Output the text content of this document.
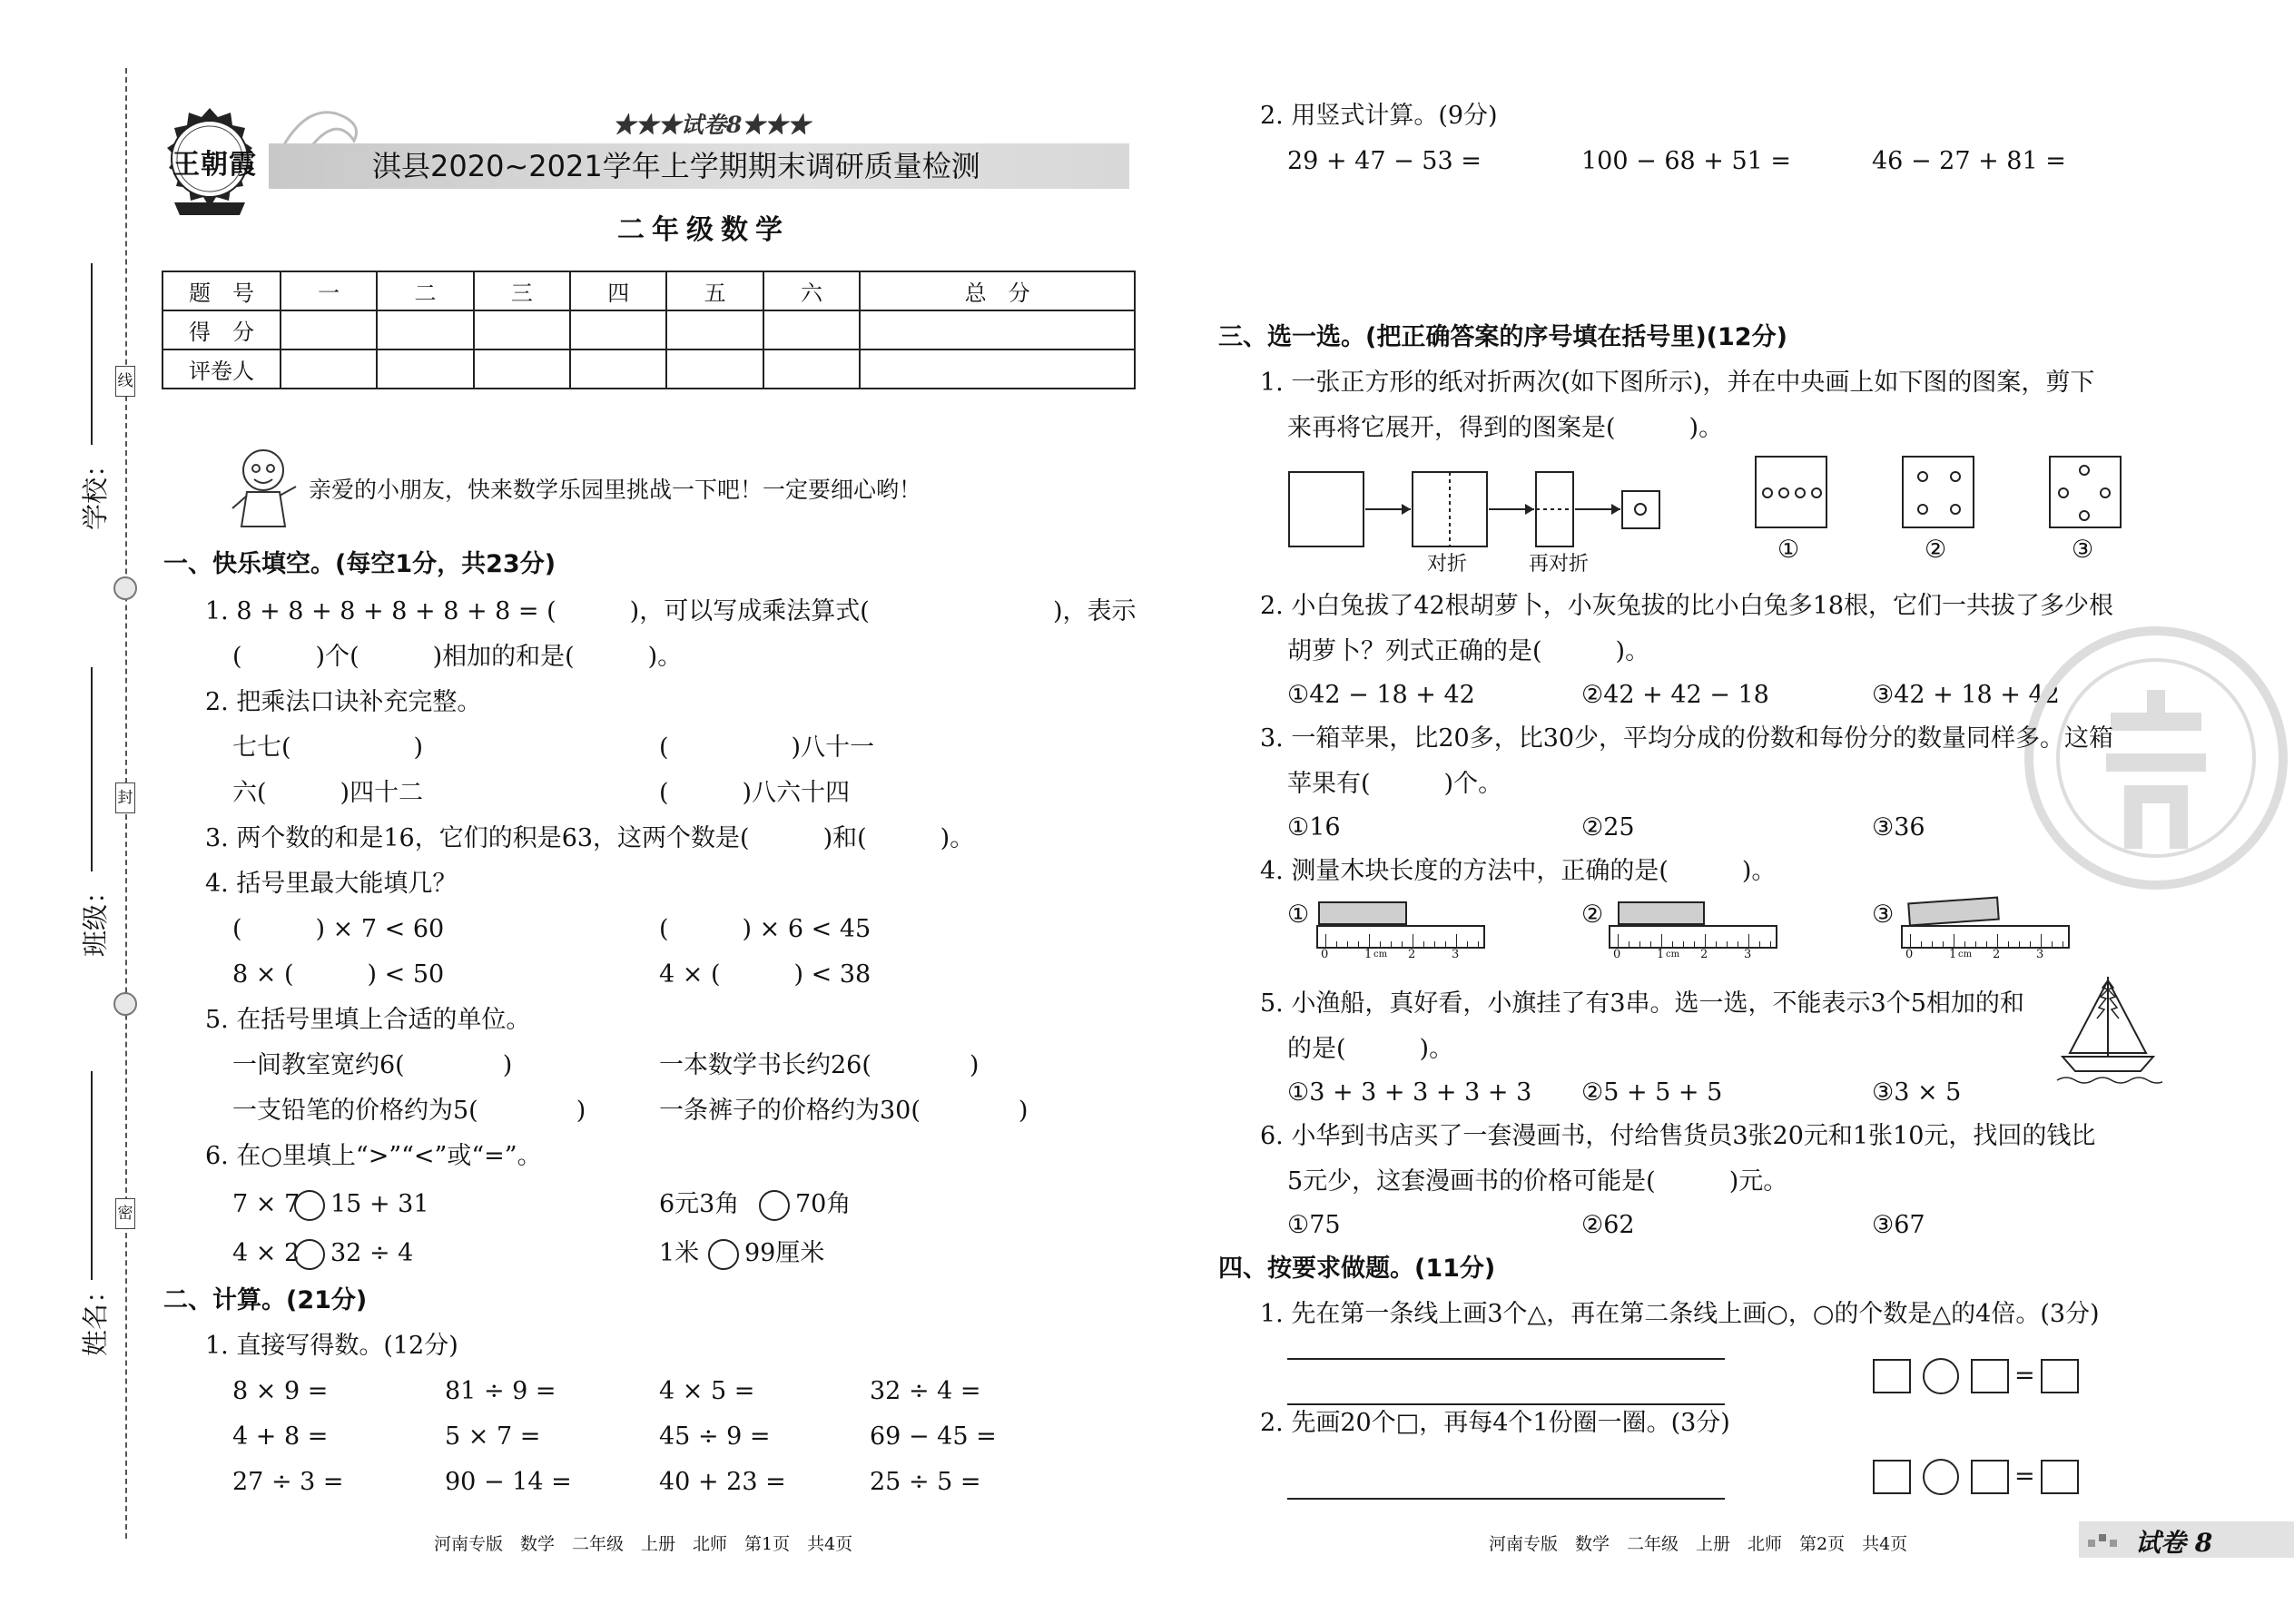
学校：
班级：
姓名：
线
封
密
王朝霞
★★★试卷8★★★
淇县2020~2021学年上学期期末调研质量检测
二年级数学
题　号	一	二	三	四	五	六	总　分
得　分							
评卷人							
亲爱的小朋友，快来数学乐园里挑战一下吧！一定要细心哟！
一、快乐填空。(每空1分，共23分)
1. 8 + 8 + 8 + 8 + 8 + 8 = (　　　)，可以写成乘法算式(	)，表示
(　　　)个(　　　)相加的和是(　　　)。
2. 把乘法口诀补充完整。
七七(　　　　　)	(　　　　　)八十一
六(　　　)四十二	(　　　)八六十四
3. 两个数的和是16，它们的积是63，这两个数是(　　　)和(　　　)。
4. 括号里最大能填几？
(　　　) × 7 < 60	(　　　) × 6 < 45
8 × (　　　) < 50	4 × (　　　) < 38
5. 在括号里填上合适的单位。
一间教室宽约6(　　　　)	一本数学书长约26(　　　　)
一支铅笔的价格约为5(　　　　)	一条裤子的价格约为30(　　　　)
6. 在○里填上“>”“<”或“=”。
7 × 7 15 + 31	6元3角 70角
4 × 2 32 ÷ 4	1米 99厘米
二、计算。(21分)
1. 直接写得数。(12分)
8 × 9 =	81 ÷ 9 =	4 × 5 =	32 ÷ 4 =
4 + 8 =	5 × 7 =	45 ÷ 9 =	69 − 45 =
27 ÷ 3 =	90 − 14 =	40 + 23 =	25 ÷ 5 =
河南专版　数学　二年级　上册　北师　第1页　共4页
2. 用竖式计算。(9分)
29 + 47 − 53 =	100 − 68 + 51 =	46 − 27 + 81 =
三、选一选。(把正确答案的序号填在括号里)(12分)
1. 一张正方形的纸对折两次(如下图所示)，并在中央画上如下图的图案，剪下
来再将它展开，得到的图案是(　　　)。
对折	再对折
①	②	③
2. 小白兔拔了42根胡萝卜，小灰兔拔的比小白兔多18根，它们一共拔了多少根
胡萝卜？列式正确的是(　　　)。
①42 − 18 + 42	②42 + 42 − 18	③42 + 18 + 42
3. 一箱苹果，比20多，比30少，平均分成的份数和每份分的数量同样多。这箱
苹果有(　　　)个。
①16	②25	③36
4. 测量木块长度的方法中，正确的是(　　　)。
①
0	1 cm 2	3
②
0	1 cm 2	3
③
0	1 cm 2	3
5. 小渔船，真好看，小旗挂了有3串。选一选，不能表示3个5相加的和
的是(　　　)。
①3 + 3 + 3 + 3 + 3 ②5 + 5 + 5	③3 × 5
6. 小华到书店买了一套漫画书，付给售货员3张20元和1张10元，找回的钱比
5元少，这套漫画书的价格可能是(　　　)元。
①75	②62	③67
四、按要求做题。(11分)
1. 先在第一条线上画3个△，再在第二条线上画○，○的个数是△的4倍。(3分)
=
2. 先画20个□，再每4个1份圈一圈。(3分)
=
河南专版　数学　二年级　上册　北师　第2页　共4页	试卷 8
